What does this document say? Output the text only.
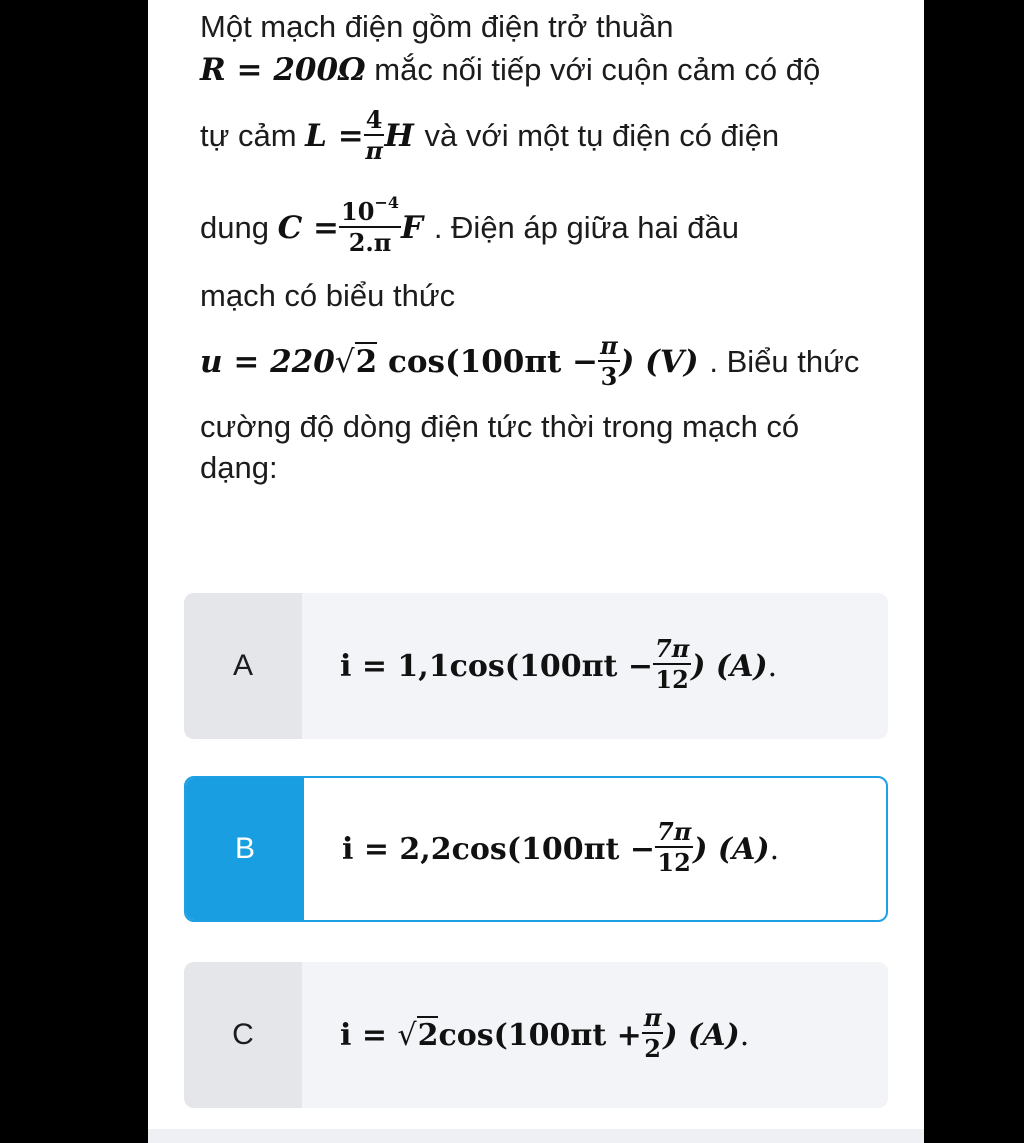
Một mạch điện gồm điện trở thuần
R = 200Ω mắc nối tiếp với cuộn cảm có độ
tự cảm $L = \frac{4}{\pi}$ H và với một tụ điện có điện
dung $C = \frac{10^{-4}}{2.\pi}$ F . Điện áp giữa hai đầu
mạch có biểu thức
u = 220√2 $\cos(100\pi t - \frac{\pi}{3}$ ) (V) . Biểu thức
cường độ dòng điện tức thời trong mạch có
dạng:
A	$i = 1,1\cos(100\pi t - \frac{7\pi}{12}$ ) (A) .
B	$i = 2,2\cos(100\pi t - \frac{7\pi}{12}$ ) (A) .
C	i =
√2 $\cos(100\pi t + \frac{\pi}{2}$ ) (A) .
